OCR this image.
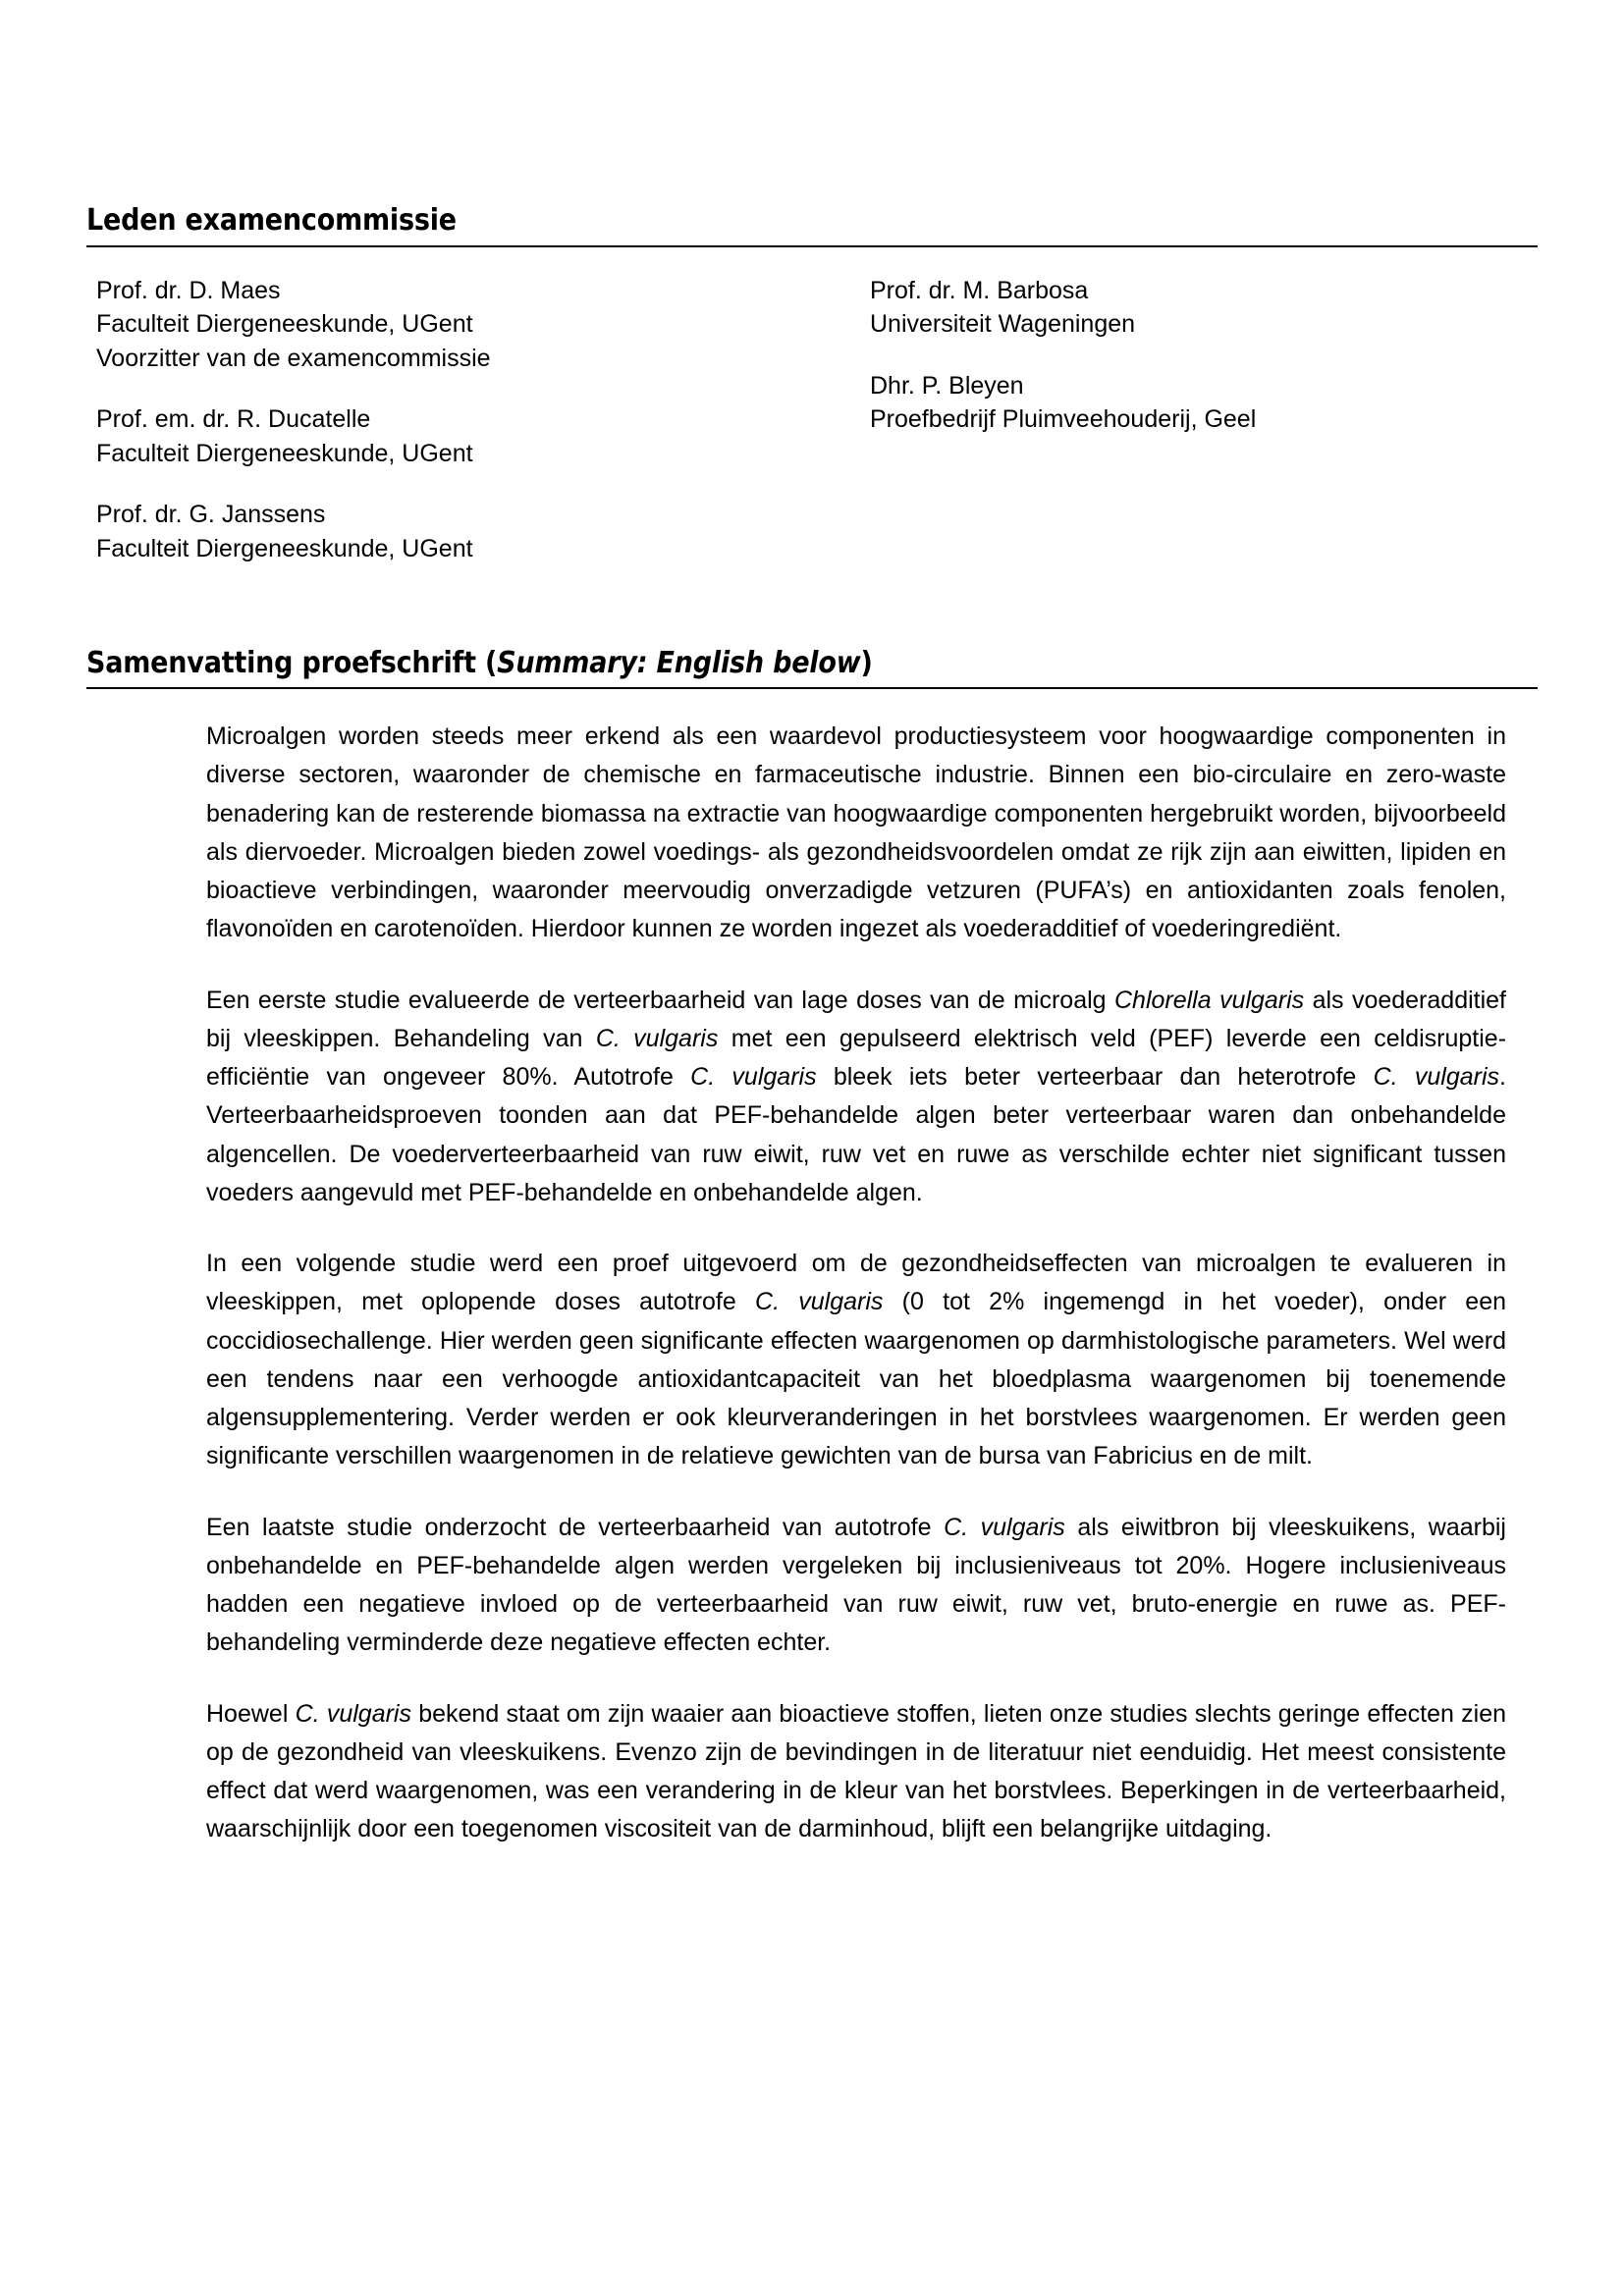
Leden examencommissie
Prof. dr. D. Maes
Faculteit Diergeneeskunde, UGent
Voorzitter van de examencommissie
Prof. em. dr. R. Ducatelle
Faculteit Diergeneeskunde, UGent
Prof. dr. G. Janssens
Faculteit Diergeneeskunde, UGent
Prof. dr. M. Barbosa
Universiteit Wageningen
Dhr. P. Bleyen
Proefbedrijf Pluimveehouderij, Geel
Samenvatting proefschrift (Summary: English below)

Microalgen worden steeds meer erkend als een waardevol productiesysteem voor hoogwaardige componenten in diverse sectoren, waaronder de chemische en farmaceutische industrie. Binnen een bio-circulaire en zero-waste benadering kan de resterende biomassa na extractie van hoogwaardige componenten hergebruikt worden, bijvoorbeeld als diervoeder. Microalgen bieden zowel voedings- als gezondheidsvoordelen omdat ze rijk zijn aan eiwitten, lipiden en bioactieve verbindingen, waaronder meervoudig onverzadigde vetzuren (PUFA’s) en antioxidanten zoals fenolen, flavonoïden en carotenoïden. Hierdoor kunnen ze worden ingezet als voederadditief of voederingrediënt.

Een eerste studie evalueerde de verteerbaarheid van lage doses van de microalg Chlorella vulgaris als voederadditief bij vleeskippen. Behandeling van C. vulgaris met een gepulseerd elektrisch veld (PEF) leverde een celdisruptie-efficiëntie van ongeveer 80%. Autotrofe C. vulgaris bleek iets beter verteerbaar dan heterotrofe C. vulgaris. Verteerbaarheidsproeven toonden aan dat PEF-behandelde algen beter verteerbaar waren dan onbehandelde algencellen. De voederverteerbaarheid van ruw eiwit, ruw vet en ruwe as verschilde echter niet significant tussen voeders aangevuld met PEF-behandelde en onbehandelde algen.

In een volgende studie werd een proef uitgevoerd om de gezondheidseffecten van microalgen te evalueren in vleeskippen, met oplopende doses autotrofe C. vulgaris (0 tot 2% ingemengd in het voeder), onder een coccidiosechallenge. Hier werden geen significante effecten waargenomen op darmhistologische parameters. Wel werd een tendens naar een verhoogde antioxidantcapaciteit van het bloedplasma waargenomen bij toenemende algensupplementering. Verder werden er ook kleurveranderingen in het borstvlees waargenomen. Er werden geen significante verschillen waargenomen in de relatieve gewichten van de bursa van Fabricius en de milt.

Een laatste studie onderzocht de verteerbaarheid van autotrofe C. vulgaris als eiwitbron bij vleeskuikens, waarbij onbehandelde en PEF-behandelde algen werden vergeleken bij inclusieniveaus tot 20%. Hogere inclusieniveaus hadden een negatieve invloed op de verteerbaarheid van ruw eiwit, ruw vet, bruto-energie en ruwe as. PEF-behandeling verminderde deze negatieve effecten echter.

Hoewel C. vulgaris bekend staat om zijn waaier aan bioactieve stoffen, lieten onze studies slechts geringe effecten zien op de gezondheid van vleeskuikens. Evenzo zijn de bevindingen in de literatuur niet eenduidig. Het meest consistente effect dat werd waargenomen, was een verandering in de kleur van het borstvlees. Beperkingen in de verteerbaarheid, waarschijnlijk door een toegenomen viscositeit van de darminhoud, blijft een belangrijke uitdaging.
